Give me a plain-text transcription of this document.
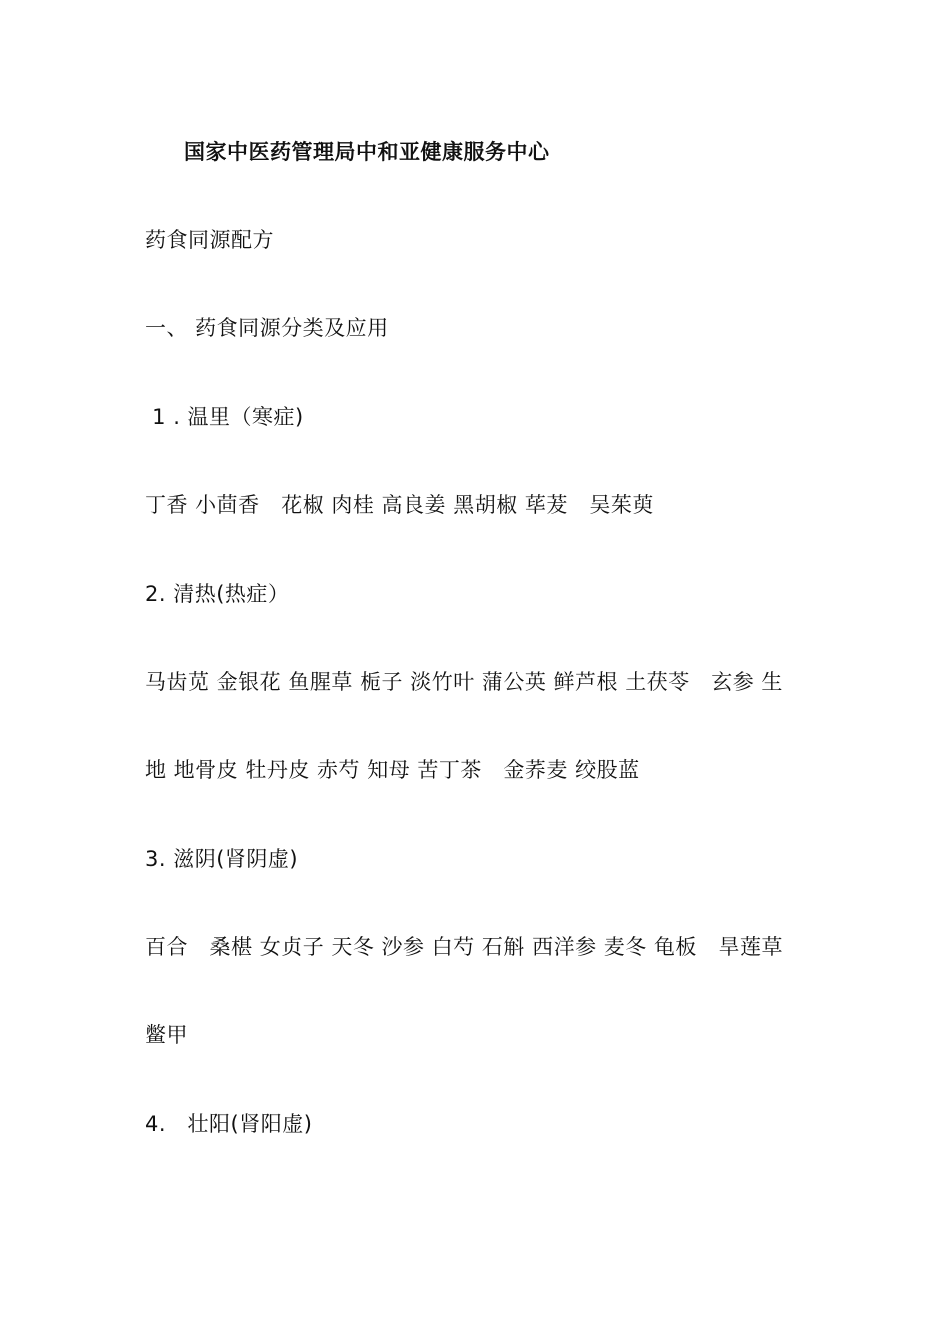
国家中医药管理局中和亚健康服务中心
药食同源配方
一、 药食同源分类及应用
1 . 温里（寒症)
丁香 小茴香   花椒 肉桂 高良姜 黑胡椒 荜茇   吴茱萸
2. 清热(热症）
马齿苋 金银花 鱼腥草 栀子 淡竹叶 蒲公英 鲜芦根 土茯苓   玄参 生
地 地骨皮 牡丹皮 赤芍 知母 苦丁茶   金荞麦 绞股蓝
3. 滋阴(肾阴虚)
百合   桑椹 女贞子 天冬 沙参 白芍 石斛 西洋参 麦冬 龟板   旱莲草
鳖甲
4.   壮阳(肾阳虚)
